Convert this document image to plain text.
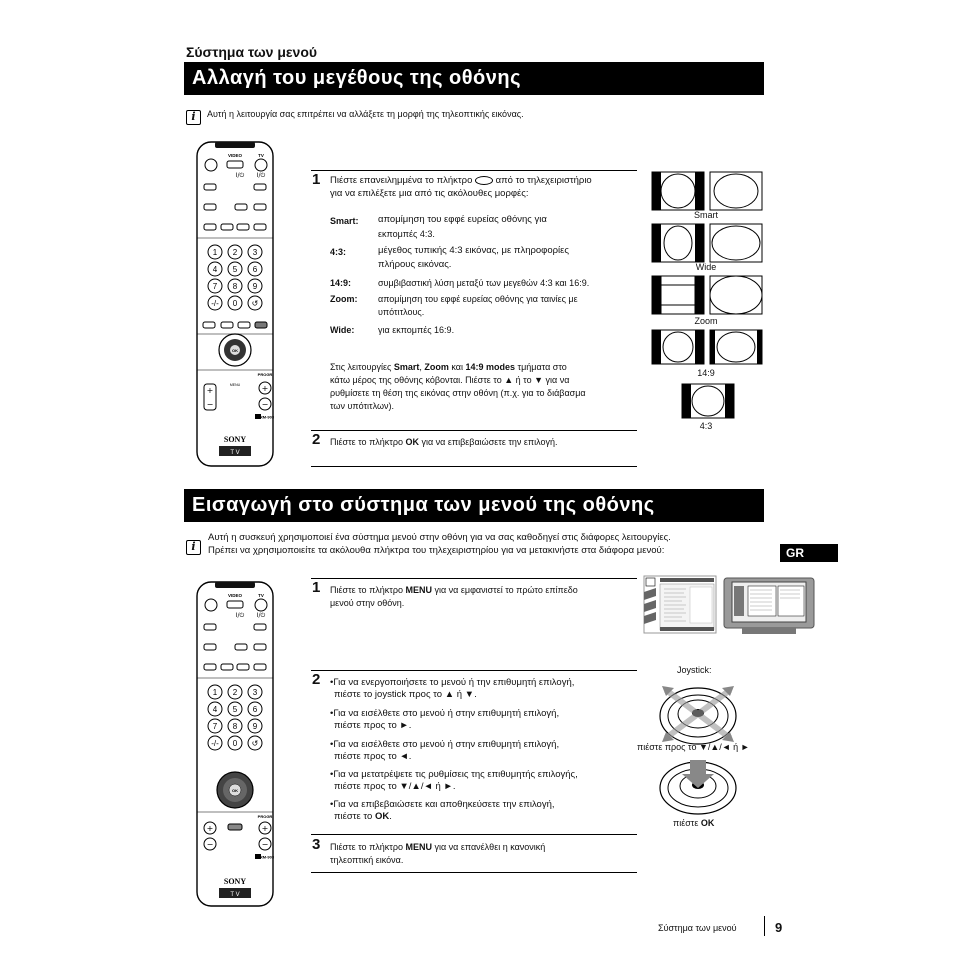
Σύστημα των μενού
Αλλαγή του μεγέθους της οθόνης
i	Αυτή η λειτουργία σας επιτρέπει να αλλάξετε τη μορφή της τηλεοπτικής εικόνας.
VIDEO	TV
I/⏻ I/⏻
1 2 3
4 5 6
7 8 9
-/- 0 ↺
OK
PROGR
+
−
MENU	+
−
RM-903
SONY
T V
1 Πιέστε επανειλημμένα το πλήκτρο από το τηλεχειριστήριο
για να επιλέξετε μια από τις ακόλουθες μορφές:
Smart: απομίμηση του εφφέ ευρείας οθόνης για
εκπομπές 4:3.
4:3:	μέγεθος τυπικής 4:3 εικόνας, με πληροφορίες
πλήρους εικόνας.
14:9:	συμβιβαστική λύση μεταξύ των μεγεθών 4:3 και 16:9.
Zoom: απομίμηση του εφφέ ευρείας οθόνης για ταινίες με
υπότιτλους.
Wide:	για εκπομπές 16:9.
Στις λειτουργίες Smart, Zoom και 14:9 modes τμήματα στο
κάτω μέρος της οθόνης κόβονται. Πιέστε το ▲ ή το ▼ για να
ρυθμίσετε τη θέση της εικόνας στην οθόνη (π.χ. για το διάβασμα
των υπότιτλων).
2 Πιέστε το πλήκτρο OK για να επιβεβαιώσετε την επιλογή.
Smart
Wide
Zoom
14:9
4:3
Εισαγωγή στο σύστημα των μενού της οθόνης
i
Αυτή η συσκευή χρησιμοποιεί ένα σύστημα μενού στην οθόνη για να σας καθοδηγεί στις διάφορες λειτουργίες.
Πρέπει να χρησιμοποιείτε τα ακόλουθα πλήκτρα του τηλεχειριστηρίου για να μετακινήστε στα διάφορα μενού:	GR
VIDEO	TV
I/⏻ I/⏻
1 2 3
4 5 6
7 8 9
-/- 0 ↺
OK
PROGR
+
−
+
−
RM-903
SONY
T V
1 Πιέστε το πλήκτρο MENU για να εμφανιστεί το πρώτο επίπεδο
μενού στην οθόνη.
2 •Για να ενεργοποιήσετε το μενού ή την επιθυμητή επιλογή,
πιέστε το joystick προς το ▲ ή ▼.
•Για να εισέλθετε στο μενού ή στην επιθυμητή επιλογή,
πιέστε προς το ►.
•Για να εισέλθετε στο μενού ή στην επιθυμητή επιλογή,
πιέστε προς το ◄.
•Για να μετατρέψετε τις ρυθμίσεις της επιθυμητής επιλογής,
πιέστε προς το ▼/▲/◄ ή ►.
•Για να επιβεβαιώσετε και αποθηκεύσετε την επιλογή,
πιέστε το OK.
Joystick:
πιέστε προς το ▼/▲/◄ ή ►
πιέστε OK
3 Πιέστε το πλήκτρο MENU για να επανέλθει η κανονική
τηλεοπτική εικόνα.
Σύστημα των μενού	9
